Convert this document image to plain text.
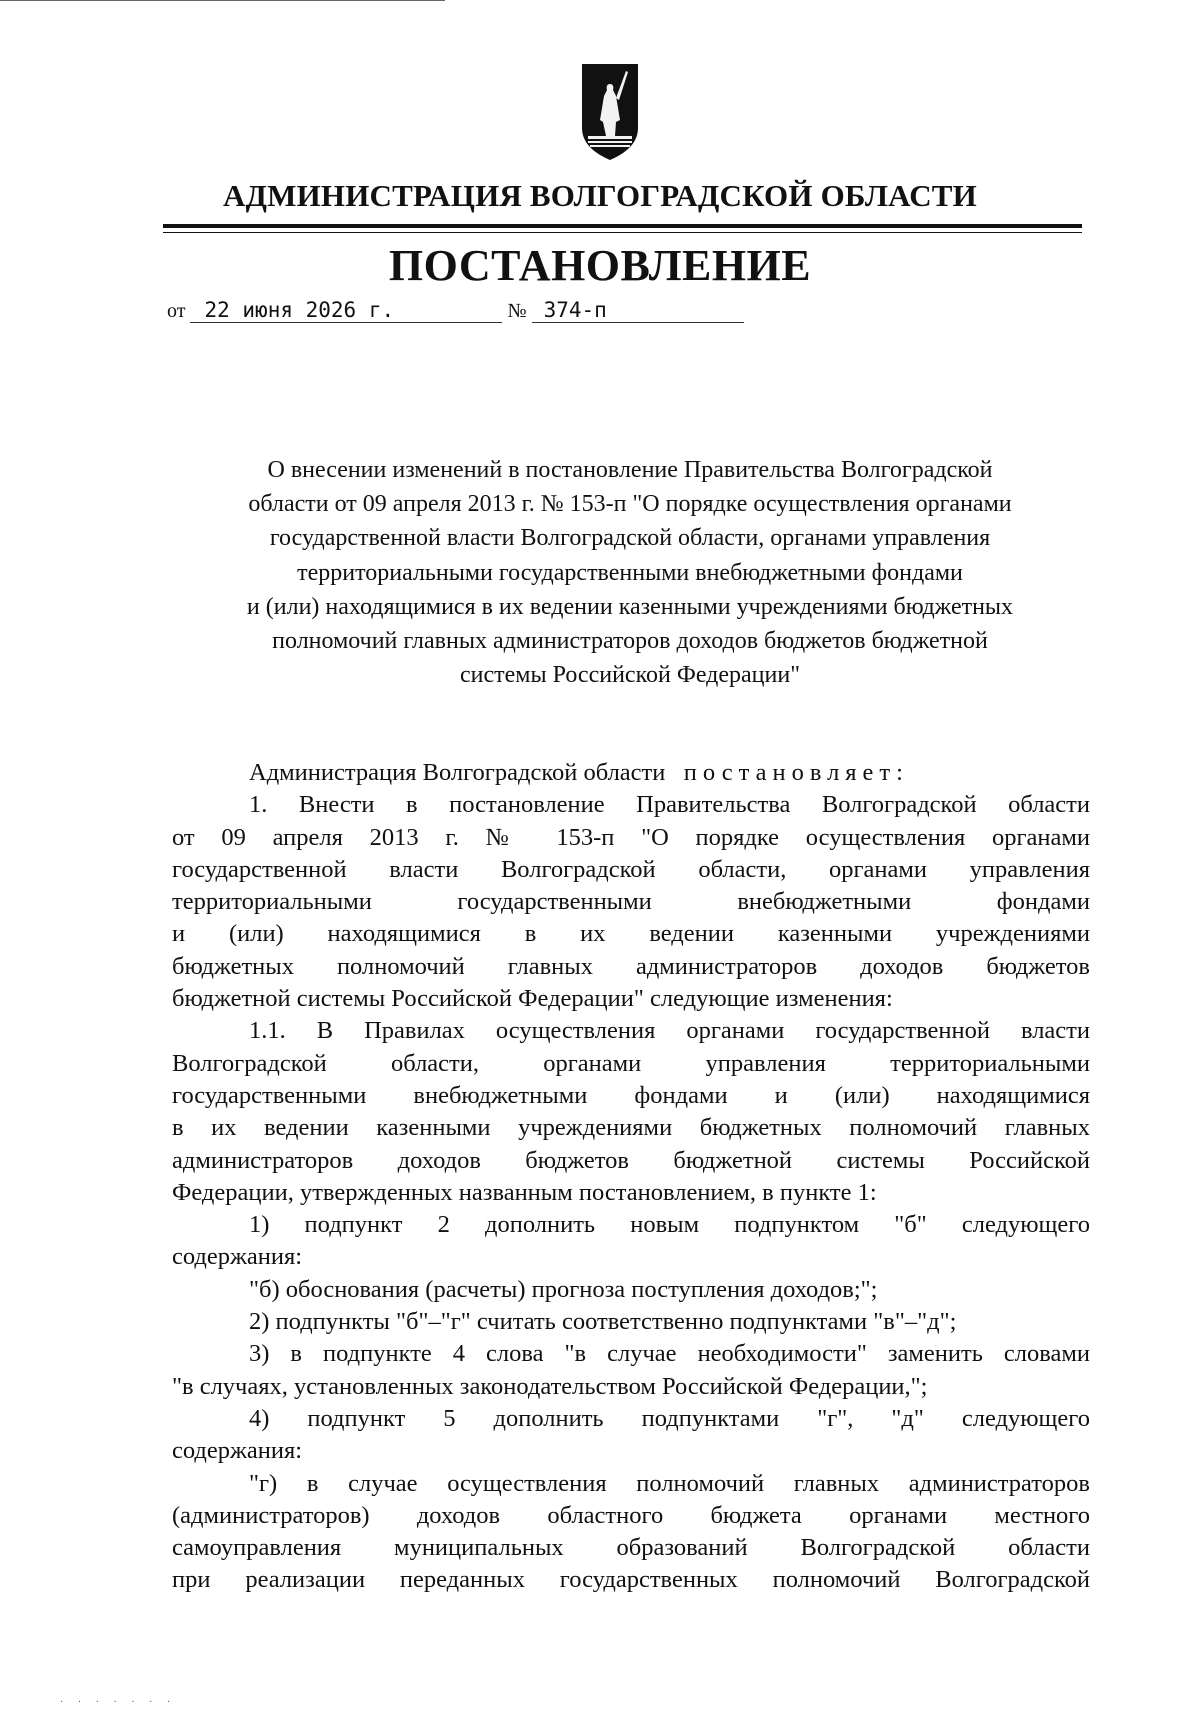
АДМИНИСТРАЦИЯ ВОЛГОГРАДСКОЙ ОБЛАСТИ
ПОСТАНОВЛЕНИЕ
от 22 июня 2026 г.	№ 374-п
О внесении изменений в постановление Правительства Волгоградской
области от 09 апреля 2013 г. № 153-п "О порядке осуществления органами
государственной власти Волгоградской области, органами управления
территориальными государственными внебюджетными фондами
и (или) находящимися в их ведении казенными учреждениями бюджетных
полномочий главных администраторов доходов бюджетов бюджетной
системы Российской Федерации"
Администрация Волгоградской области постановляет:
1. Внести в постановление Правительства Волгоградской области
от 09 апреля 2013 г. № 153-п "О порядке осуществления органами
государственной власти Волгоградской области, органами управления
территориальными государственными внебюджетными фондами
и (или) находящимися в их ведении казенными учреждениями
бюджетных полномочий главных администраторов доходов бюджетов
бюджетной системы Российской Федерации" следующие изменения:
1.1. В Правилах осуществления органами государственной власти
Волгоградской области, органами управления территориальными
государственными внебюджетными фондами и (или) находящимися
в их ведении казенными учреждениями бюджетных полномочий главных
администраторов доходов бюджетов бюджетной системы Российской
Федерации, утвержденных названным постановлением, в пункте 1:
1) подпункт 2 дополнить новым подпунктом "б" следующего
содержания:
"б) обоснования (расчеты) прогноза поступления доходов;";
2) подпункты "б"–"г" считать соответственно подпунктами "в"–"д";
3) в подпункте 4 слова "в случае необходимости" заменить словами
"в случаях, установленных законодательством Российской Федерации,";
4) подпункт 5 дополнить подпунктами "г", "д" следующего
содержания:
"г) в случае осуществления полномочий главных администраторов
(администраторов) доходов областного бюджета органами местного
самоуправления муниципальных образований Волгоградской области
при реализации переданных государственных полномочий Волгоградской
· · · · · · ·
